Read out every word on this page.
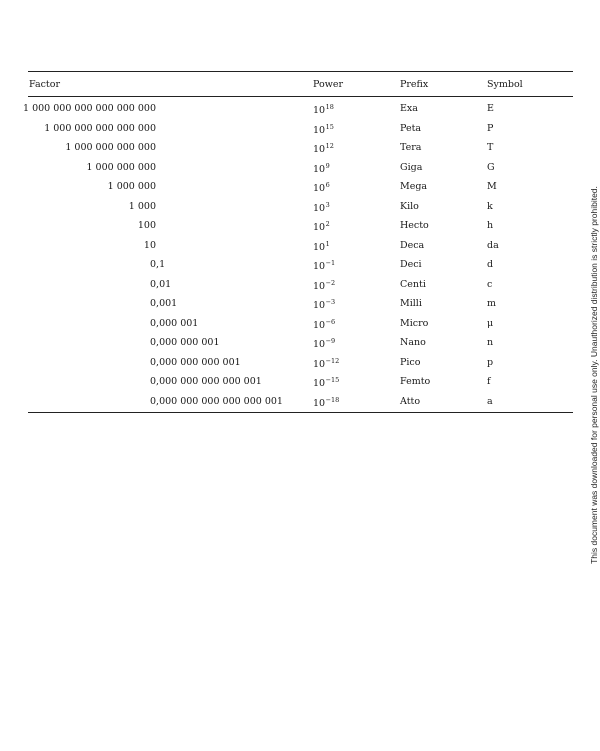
Factor	Power	Prefix	Symbol
1 000 000 000 000 000 000	$10^{18}$	Exa	E
1 000 000 000 000 000	$10^{15}$	Peta	P
1 000 000 000 000	$10^{12}$	Tera	T
1 000 000 000	$10^9$	Giga	G
1 000 000	$10^6$	Mega	M
1 000	$10^3$	Kilo	k
100	$10^2$	Hecto	h
10	$10^1$	Deca	da
0,1	$10^{-1}$	Deci	d
0,01	$10^{-2}$	Centi	c
0,001	$10^{-3}$	Milli	m
0,000 001	$10^{-6}$	Micro	μ
0,000 000 001	$10^{-9}$	Nano	n
0,000 000 000 001	$10^{-12}$	Pico	p
0,000 000 000 000 001	$10^{-15}$	Femto	f
0,000 000 000 000 000 001	$10^{-18}$	Atto	a	This document was downloaded for personal use only. Unauthorized distribution is strictly prohibited.
